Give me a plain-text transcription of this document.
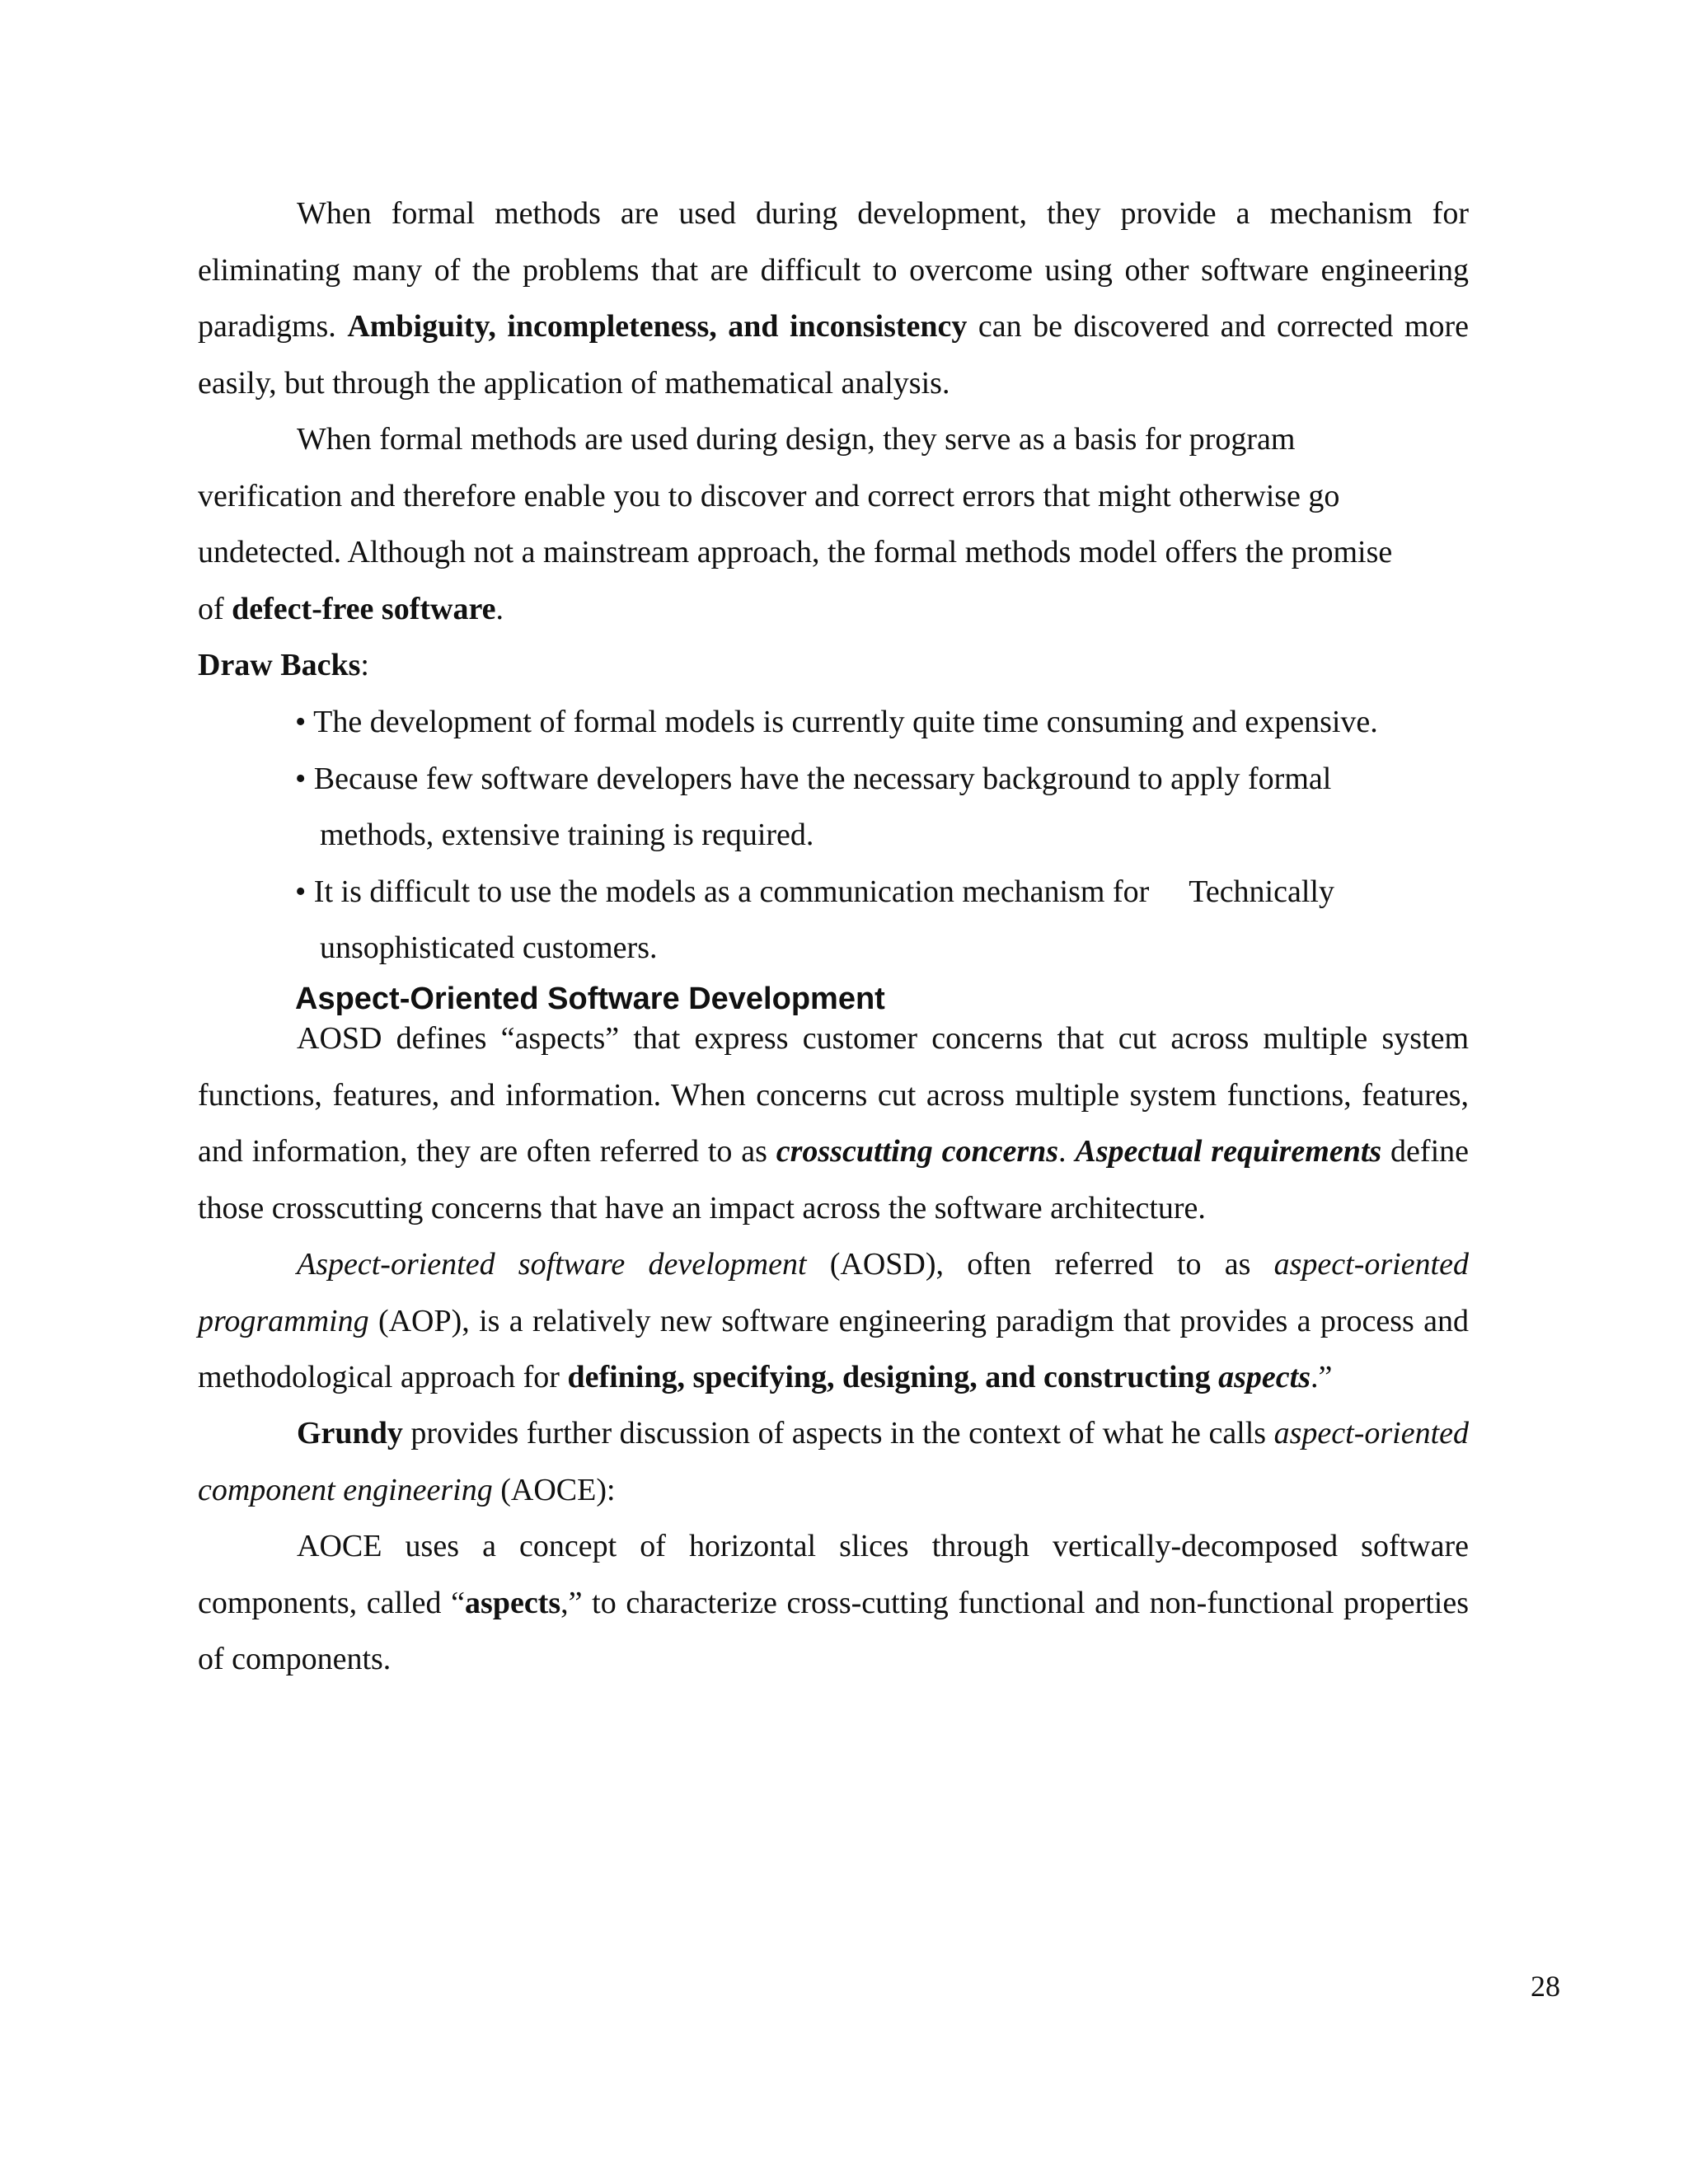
When formal methods are used during development, they provide a mechanism for eliminating many of the problems that are difficult to overcome using other software engineering paradigms. Ambiguity, incompleteness, and inconsistency can be discovered and corrected more easily, but through the application of mathematical analysis.

When formal methods are used during design, they serve as a basis for program
verification and therefore enable you to discover and correct errors that might otherwise go
undetected. Although not a mainstream approach, the formal methods model offers the promise
of defect-free software.
Draw Backs:
• The development of formal models is currently quite time consuming and expensive.
• Because few software developers have the necessary background to apply formal
methods, extensive training is required.
• It is difficult to use the models as a communication mechanism for Technically
unsophisticated customers.
Aspect-Oriented Software Development

AOSD defines “aspects” that express customer concerns that cut across multiple system functions, features, and information. When concerns cut across multiple system functions, features, and information, they are often referred to as crosscutting concerns. Aspectual requirements define those crosscutting concerns that have an impact across the software architecture.

Aspect-oriented software development (AOSD), often referred to as aspect-oriented programming (AOP), is a relatively new software engineering paradigm that provides a process and methodological approach for defining, specifying, designing, and constructing aspects.”

Grundy provides further discussion of aspects in the context of what he calls aspect-oriented component engineering (AOCE):

AOCE uses a concept of horizontal slices through vertically-decomposed software components, called “aspects,” to characterize cross-cutting functional and non-functional properties of components.

28
